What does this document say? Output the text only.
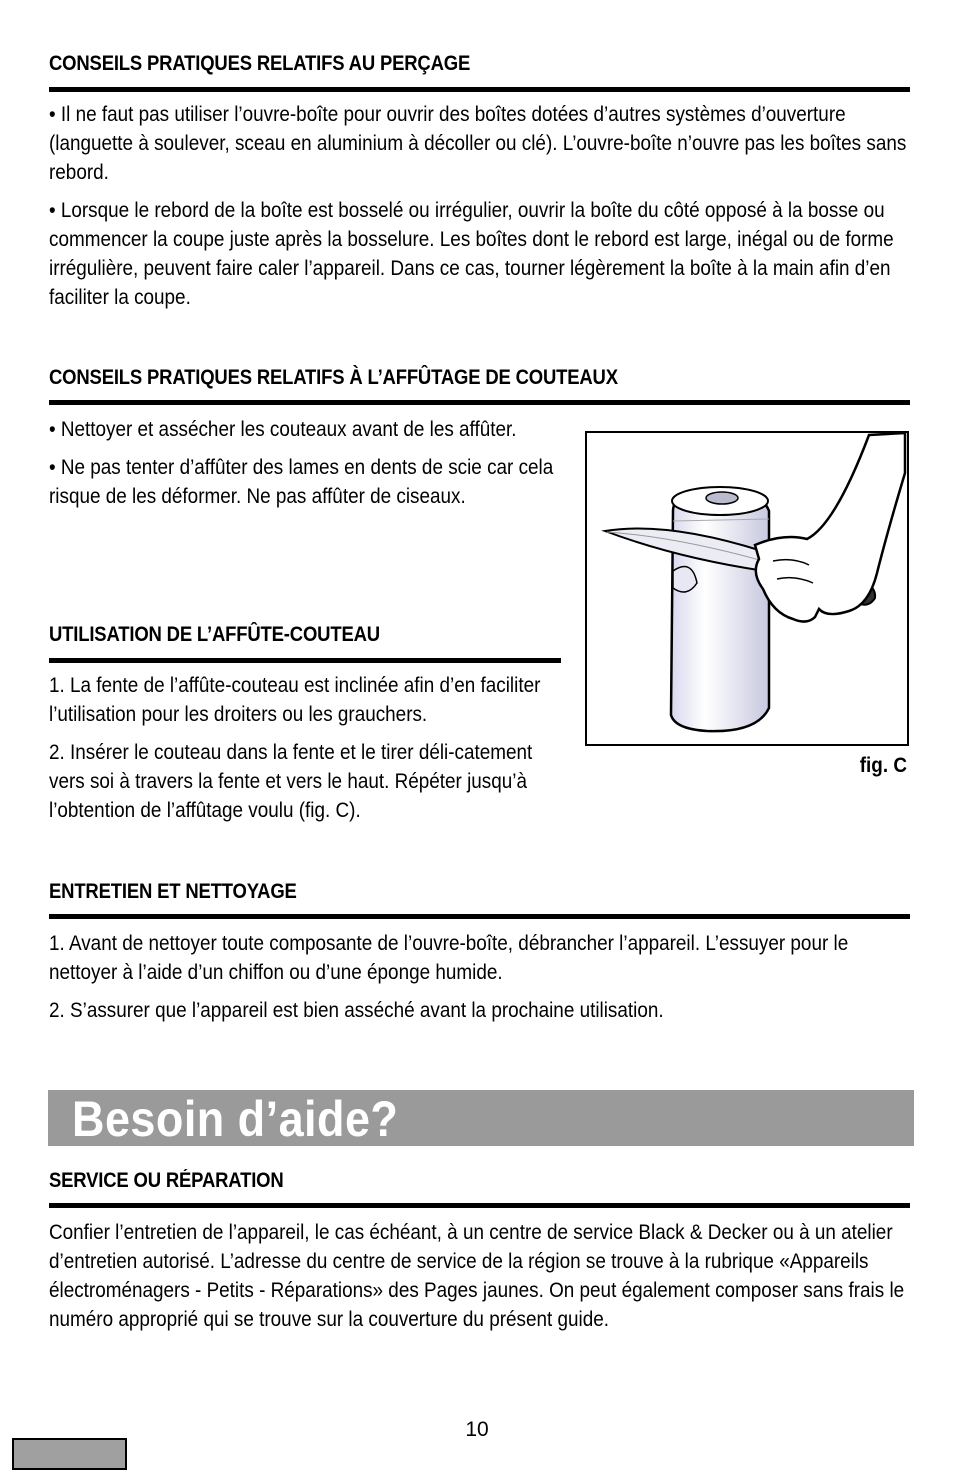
CONSEILS PRATIQUES RELATIFS AU PERÇAGE

• Il ne faut pas utiliser l’ouvre-boîte pour ouvrir des boîtes dotées d’autres systèmes d’ouverture (languette à soulever, sceau en aluminium à décoller ou clé). L’ouvre-boîte n’ouvre pas les boîtes sans rebord.

• Lorsque le rebord de la boîte est bosselé ou irrégulier, ouvrir la boîte du côté opposé à la bosse ou commencer la coupe juste après la bosselure. Les boîtes dont le rebord est large, inégal ou de forme irrégulière, peuvent faire caler l’appareil. Dans ce cas, tourner légèrement la boîte à la main afin d’en faciliter la coupe.

CONSEILS PRATIQUES RELATIFS À L’AFFÛTAGE DE COUTEAUX

• Nettoyer et assécher les couteaux avant de les affûter.

• Ne pas tenter d’affûter des lames en dents de scie car cela risque de les déformer. Ne pas affûter de ciseaux.

UTILISATION DE L’AFFÛTE-COUTEAU

1. La fente de l’affûte-couteau est inclinée afin d’en faciliter l’utilisation pour les droiters ou les grauchers.

2. Insérer le couteau dans la fente et le tirer déli-catement vers soi à travers la fente et vers le haut. Répéter jusqu’à l’obtention de l’affûtage voulu (fig. C).

fig. C
ENTRETIEN ET NETTOYAGE

1. Avant de nettoyer toute composante de l’ouvre-boîte, débrancher l’appareil. L’essuyer pour le nettoyer à l’aide d’un chiffon ou d’une éponge humide.

2. S’assurer que l’appareil est bien asséché avant la prochaine utilisation.

Besoin d’aide?
SERVICE OU RÉPARATION

Confier l’entretien de l’appareil, le cas échéant, à un centre de service Black & Decker ou à un atelier d’entretien autorisé. L’adresse du centre de service de la région se trouve à la rubrique «Appareils électroménagers - Petits - Réparations» des Pages jaunes. On peut également composer sans frais le numéro approprié qui se trouve sur la couverture du présent guide.

10
